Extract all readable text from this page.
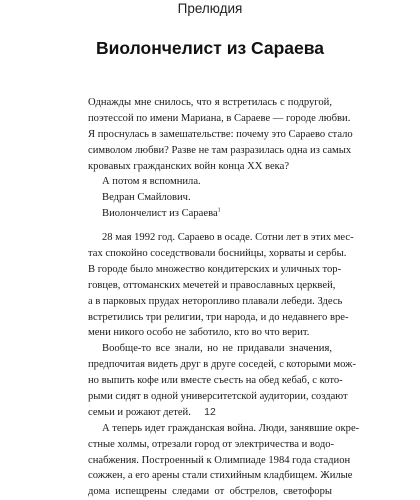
Прелюдия
Виолончелист из Сараева
Однажды мне снилось, что я встретилась с подругой,
поэтессой по имени Мариана, в Сараеве — городе любви.
Я проснулась в замешательстве: почему это Сараево стало
символом любви? Разве не там разразилась одна из самых
кровавых гражданских войн конца XX века?
А потом я вспомнила.
Ведран Смайлович.
Виолончелист из Сараева$^1$
28 мая 1992 год. Сараево в осаде. Сотни лет в этих мес-
тах спокойно соседствовали боснийцы, хорваты и сербы.
В городе было множество кондитерских и уличных тор-
говцев, оттоманских мечетей и православных церквей,
а в парковых прудах неторопливо плавали лебеди. Здесь
встретились три религии, три народа, и до недавнего вре-
мени никого особо не заботило, кто во что верит.
Вообще-то все знали, но не придавали значения,
предпочитая видеть друг в друге соседей, с которыми мож-
но выпить кофе или вместе съесть на обед кебаб, с кото-
рыми сидят в одной университетской аудитории, создают
семьи и рожают детей.
А теперь идет гражданская война. Люди, занявшие окре-
стные холмы, отрезали город от электричества и водо-
снабжения. Построенный к Олимпиаде 1984 года стадион
сожжен, а его арены стали стихийным кладбищем. Жилые
дома испещрены следами от обстрелов, светофоры
12
